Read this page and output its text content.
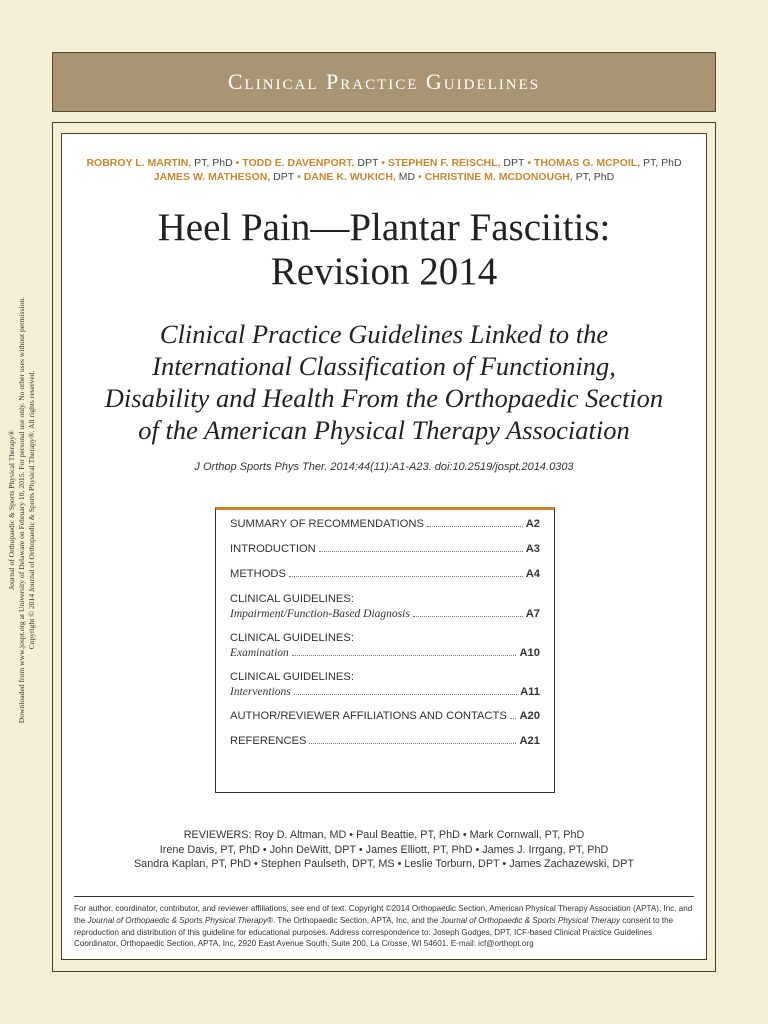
Clinical Practice Guidelines
Journal of Orthopaedic & Sports Physical Therapy® Downloaded from www.jospt.org at University of Delaware on February 10, 2015. For personal use only. No other uses without permission. Copyright © 2014 Journal of Orthopaedic & Sports Physical Therapy®. All rights reserved.
ROBROY L. MARTIN, PT, PhD • TODD E. DAVENPORT, DPT • STEPHEN F. REISCHL, DPT • THOMAS G. MCPOIL, PT, PhD
JAMES W. MATHESON, DPT • DANE K. WUKICH, MD • CHRISTINE M. MCDONOUGH, PT, PhD
Heel Pain—Plantar Fasciitis:
Revision 2014
Clinical Practice Guidelines Linked to the
International Classification of Functioning,
Disability and Health From the Orthopaedic Section
of the American Physical Therapy Association
J Orthop Sports Phys Ther. 2014;44(11):A1-A23. doi:10.2519/jospt.2014.0303
SUMMARY OF RECOMMENDATIONS	A2
INTRODUCTION	A3
METHODS	A4
CLINICAL GUIDELINES:
Impairment/Function-Based Diagnosis	A7
CLINICAL GUIDELINES:
Examination	A10
CLINICAL GUIDELINES:
Interventions	A11
AUTHOR/REVIEWER AFFILIATIONS AND CONTACTS A20
REFERENCES	A21
REVIEWERS: Roy D. Altman, MD • Paul Beattie, PT, PhD • Mark Cornwall, PT, PhD
Irene Davis, PT, PhD • John DeWitt, DPT • James Elliott, PT, PhD • James J. Irrgang, PT, PhD
Sandra Kaplan, PT, PhD • Stephen Paulseth, DPT, MS • Leslie Torburn, DPT • James Zachazewski, DPT
For author, coordinator, contributor, and reviewer affiliations, see end of text. Copyright ©2014 Orthopaedic Section, American Physical Therapy Association (APTA), Inc, and the Journal of Orthopaedic & Sports Physical Therapy®. The Orthopaedic Section, APTA, Inc, and the Journal of Orthopaedic & Sports Physical Therapy consent to the reproduction and distribution of this guideline for educational purposes. Address correspondence to: Joseph Godges, DPT, ICF-based Clinical Practice Guidelines Coordinator, Orthopaedic Section, APTA, Inc, 2920 East Avenue South, Suite 200, La Crosse, WI 54601. E-mail: icf@orthopt.org
